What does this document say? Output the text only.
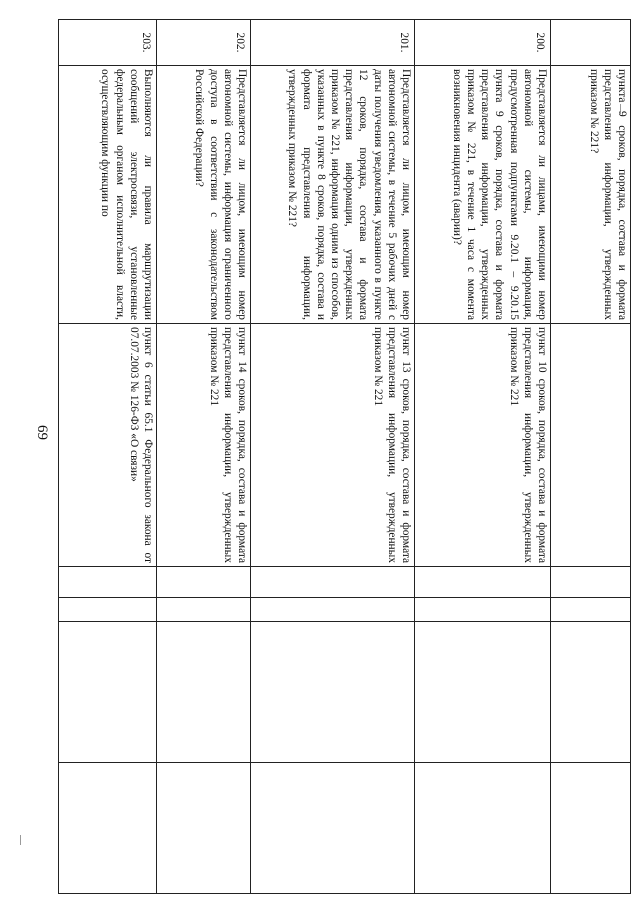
69
	пункта 9 сроков, порядка, состава и формата представления информации, утвержденных приказом № 221?					
200.	Представляется ли лицами, имеющими номер автономной системы, информация, предусмотренная подпунктами 9.20.1 – 9.20.15 пункта 9 сроков, порядка, состава и формата представления информации, утвержденных приказом № 221, в течение 1 часа с момента возникновения инцидента (аварии)?	пункт 10 сроков, порядка, состава и формата представления информации, утвержденных приказом № 221				
201.	Представляется ли лицом, имеющим номер автономной системы, в течение 5 рабочих дней с даты получения уведомления, указанного в пункте 12 сроков, порядка, состава и формата представления информации, утвержденных приказом № 221, информация одним из способов, указанных в пункте 8 сроков, порядка, состава и формата представления информации, утвержденных приказом № 221?	пункт 13 сроков, порядка, состава и формата представления информации, утвержденных приказом № 221				
202.	Представляется ли лицом, имеющим номер автономной системы, информация ограниченного доступа в соответствии с законодательством Российской Федерации?	пункт 14 сроков, порядка, состава и формата представления информации, утвержденных приказом № 221				
203.	Выполняются ли правила маршрутизации сообщений электросвязи, установленные федеральным органом исполнительной власти, осуществляющим функции по	пункт 6 статьи 65.1 Федерального закона от 07.07.2003 № 126-ФЗ «О связи»				
